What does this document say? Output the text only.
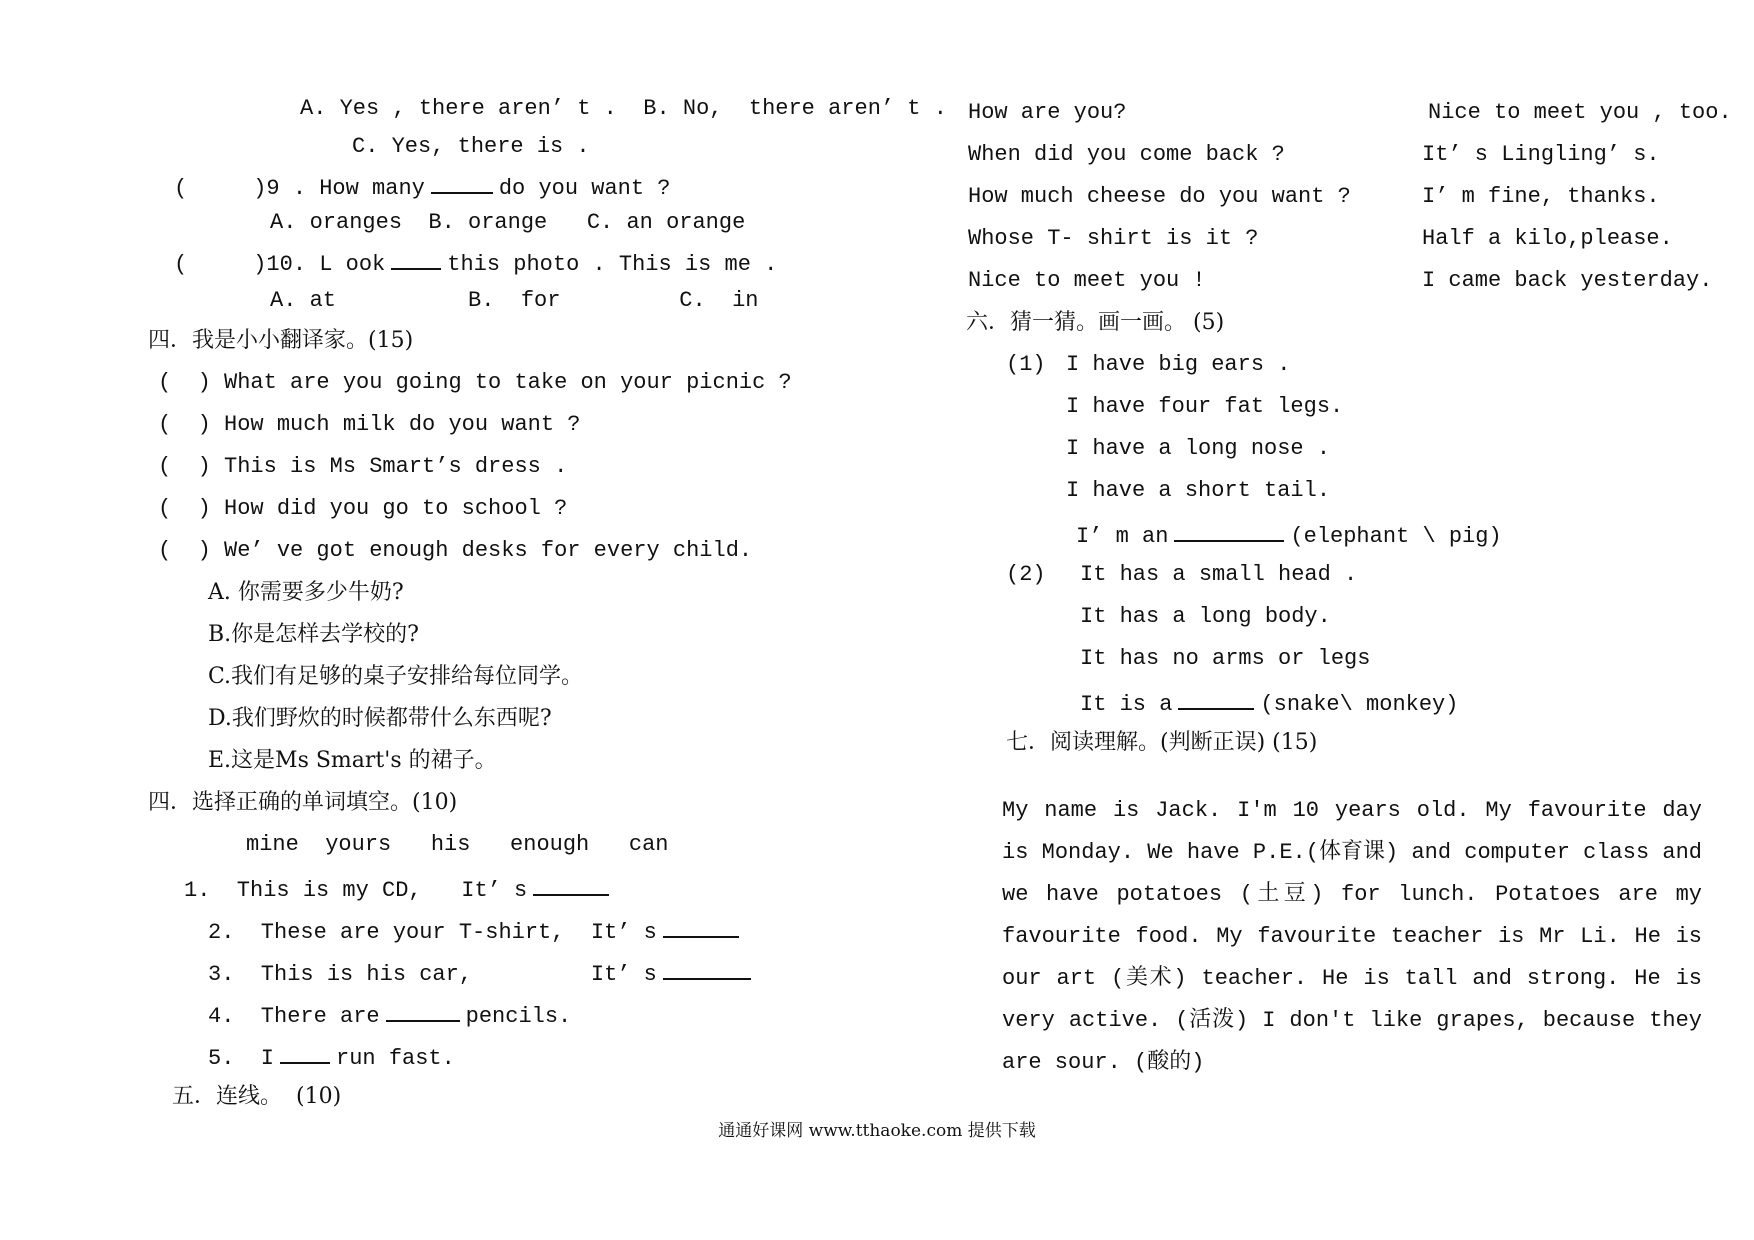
A. Yes , there aren’ t .  B. No,  there aren’ t .
C. Yes, there is .
(     )9 . How many	do you want ?
A. oranges  B. orange   C. an orange
(     )10. L ook	this photo . This is me .
A. at          B.  for         C.  in
四．我是小小翻译家。(15)
(  ) What are you going to take on your picnic ?
(  ) How much milk do you want ?
(  ) This is Ms Smart’s dress .
(  ) How did you go to school ?
(  ) We’ ve got enough desks for every child.
A. 你需要多少牛奶?
B.你是怎样去学校的?
C.我们有足够的桌子安排给每位同学。
D.我们野炊的时候都带什么东西呢?
E.这是Ms Smart's 的裙子。
四．选择正确的单词填空。(10)
mine  yours   his   enough   can
1.  This is my CD,   It’ s
2.  These are your T-shirt,  It’ s
3.  This is his car,         It’ s
4.  There are	pencils.
5.  I	run fast.
五．连线。  (10)
How are you?	Nice to meet you , too.
When did you come back ?	It’ s Lingling’ s.
How much cheese do you want ?	I’ m fine, thanks.
Whose T- shirt is it ?	Half a kilo,please.
Nice to meet you !	I came back yesterday.
六．猜一猜。画一画。 (5)
(1) I have big ears .
I have four fat legs.
I have a long nose .
I have a short tail.
I’ m an	(elephant \ pig)
(2) It has a small head .
It has a long body.
It has no arms or legs
It is a	(snake\ monkey)
七．阅读理解。(判断正误) (15)
My name is Jack. I'm 10 years old. My favourite day is Monday. We have P.E.(体育课) and computer class and we have potatoes (土豆) for lunch. Potatoes are my favourite food. My favourite teacher is Mr Li. He is our art (美术) teacher. He is tall and strong. He is very active. (活泼) I don't like grapes, because they are sour. (酸的)
通通好课网 www.tthaoke.com 提供下载
